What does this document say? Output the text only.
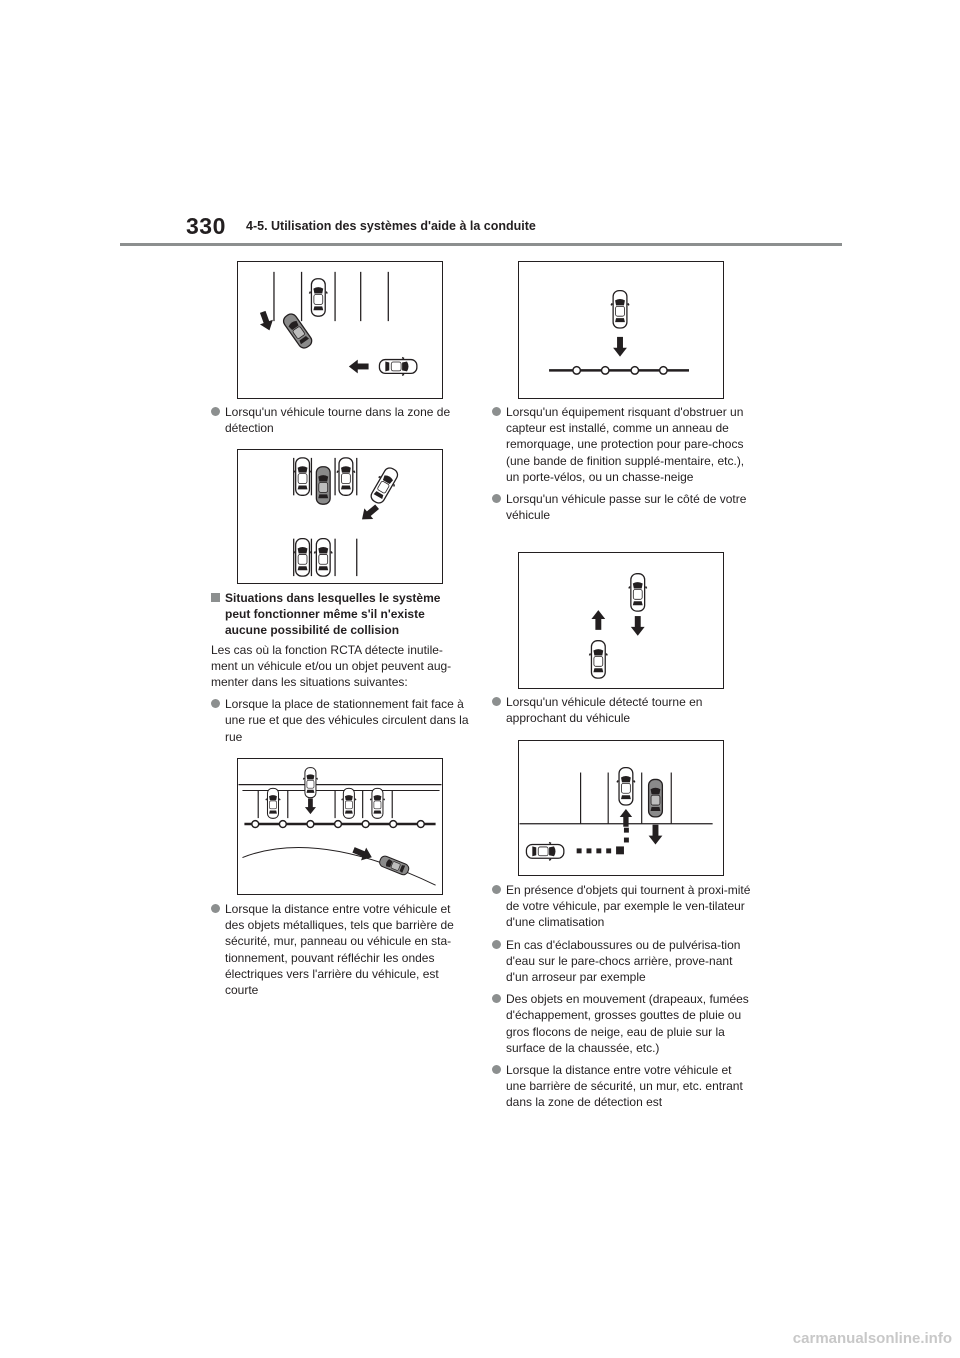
330 4-5. Utilisation des systèmes d'aide à la conduite
Lorsqu'un véhicule tourne dans la zone de détection
Situations dans lesquelles le système peut fonctionner même s'il n'existe aucune possibilité de collision
Les cas où la fonction RCTA détecte inutile-ment un véhicule et/ou un objet peuvent aug-menter dans les situations suivantes:
Lorsque la place de stationnement fait face à une rue et que des véhicules circulent dans la rue
Lorsque la distance entre votre véhicule et des objets métalliques, tels que barrière de sécurité, mur, panneau ou véhicule en sta-tionnement, pouvant réfléchir les ondes électriques vers l'arrière du véhicule, est courte
Lorsqu'un équipement risquant d'obstruer un capteur est installé, comme un anneau de remorquage, une protection pour pare-chocs (une bande de finition supplé-mentaire, etc.), un porte-vélos, ou un chasse-neige
Lorsqu'un véhicule passe sur le côté de votre véhicule
Lorsqu'un véhicule détecté tourne en approchant du véhicule
En présence d'objets qui tournent à proxi-mité de votre véhicule, par exemple le ven-tilateur d'une climatisation
En cas d'éclaboussures ou de pulvérisa-tion d'eau sur le pare-chocs arrière, prove-nant d'un arroseur par exemple
Des objets en mouvement (drapeaux, fumées d'échappement, grosses gouttes de pluie ou gros flocons de neige, eau de pluie sur la surface de la chaussée, etc.)
Lorsque la distance entre votre véhicule et une barrière de sécurité, un mur, etc. entrant dans la zone de détection est
carmanualsonline.info
